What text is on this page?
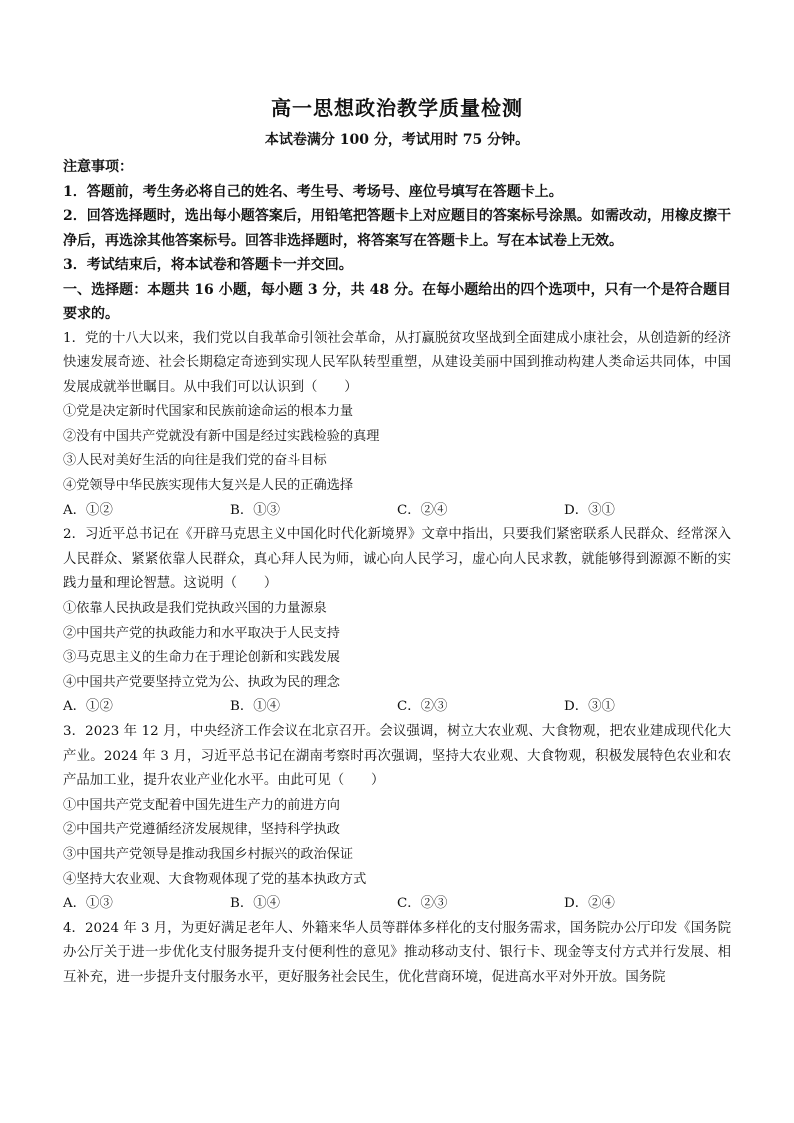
高一思想政治教学质量检测
本试卷满分 100 分，考试用时 75 分钟。
注意事项：
1．答题前，考生务必将自己的姓名、考生号、考场号、座位号填写在答题卡上。
2．回答选择题时，选出每小题答案后，用铅笔把答题卡上对应题目的答案标号涂黑。如需改动，用橡皮擦干净后，再选涂其他答案标号。回答非选择题时，将答案写在答题卡上。写在本试卷上无效。
3．考试结束后，将本试卷和答题卡一并交回。
一、选择题：本题共 16 小题，每小题 3 分，共 48 分。在每小题给出的四个选项中，只有一个是符合题目要求的。
1．党的十八大以来，我们党以自我革命引领社会革命，从打赢脱贫攻坚战到全面建成小康社会，从创造新的经济快速发展奇迹、社会长期稳定奇迹到实现人民军队转型重塑，从建设美丽中国到推动构建人类命运共同体，中国发展成就举世瞩目。从中我们可以认识到（　　）
①党是决定新时代国家和民族前途命运的根本力量
②没有中国共产党就没有新中国是经过实践检验的真理
③人民对美好生活的向往是我们党的奋斗目标
④党领导中华民族实现伟大复兴是人民的正确选择
A．①②	B．①③	C．②④	D．③①
2．习近平总书记在《开辟马克思主义中国化时代化新境界》文章中指出，只要我们紧密联系人民群众、经常深入人民群众、紧紧依靠人民群众，真心拜人民为师，诚心向人民学习，虚心向人民求教，就能够得到源源不断的实践力量和理论智慧。这说明（　　）
①依靠人民执政是我们党执政兴国的力量源泉
②中国共产党的执政能力和水平取决于人民支持
③马克思主义的生命力在于理论创新和实践发展
④中国共产党要坚持立党为公、执政为民的理念
A．①②	B．①④	C．②③	D．③①
3．2023 年 12 月，中央经济工作会议在北京召开。会议强调，树立大农业观、大食物观，把农业建成现代化大产业。2024 年 3 月，习近平总书记在湖南考察时再次强调，坚持大农业观、大食物观，积极发展特色农业和农产品加工业，提升农业产业化水平。由此可见（　　）
①中国共产党支配着中国先进生产力的前进方向
②中国共产党遵循经济发展规律，坚持科学执政
③中国共产党领导是推动我国乡村振兴的政治保证
④坚持大农业观、大食物观体现了党的基本执政方式
A．①③	B．①④	C．②③	D．②④
4．2024 年 3 月，为更好满足老年人、外籍来华人员等群体多样化的支付服务需求，国务院办公厅印发《国务院办公厅关于进一步优化支付服务提升支付便利性的意见》推动移动支付、银行卡、现金等支付方式并行发展、相互补充，进一步提升支付服务水平，更好服务社会民生，优化营商环境，促进高水平对外开放。国务院
